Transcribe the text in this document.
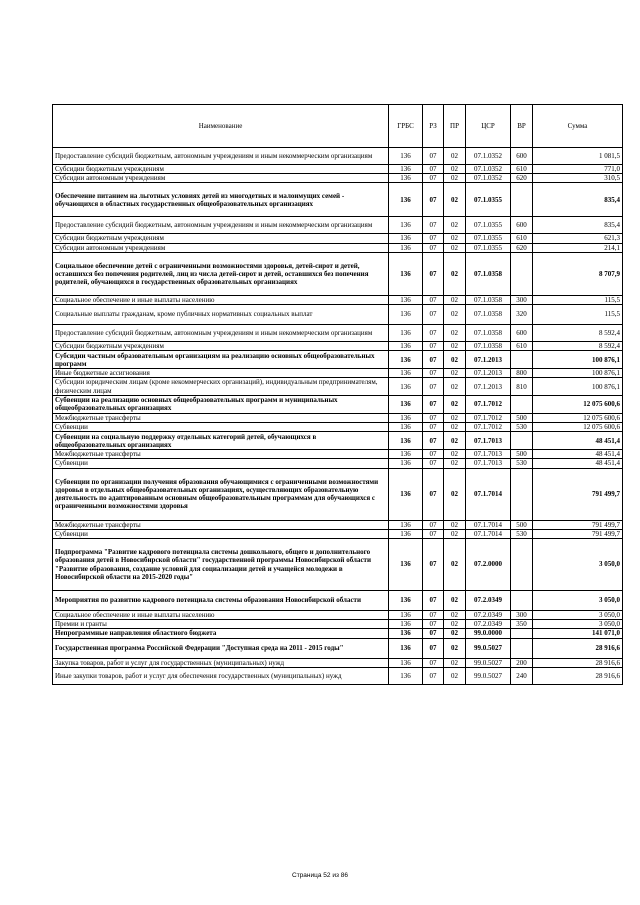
Наименование	ГРБС	РЗ	ПР	ЦСР	ВР	Сумма
Предоставление субсидий бюджетным, автономным учреждениям и иным некоммерческим организациям	136	07	02	07.1.0352	600	1 081,5
Субсидии бюджетным учреждениям	136	07	02	07.1.0352	610	771,0
Субсидии автономным учреждениям	136	07	02	07.1.0352	620	310,5
Обеспечение питанием на льготных условиях детей из многодетных и малоимущих семей - обучающихся в областных государственных общеобразовательных организациях	136	07	02	07.1.0355		835,4
Предоставление субсидий бюджетным, автономным учреждениям и иным некоммерческим организациям	136	07	02	07.1.0355	600	835,4
Субсидии бюджетным учреждениям	136	07	02	07.1.0355	610	621,3
Субсидии автономным учреждениям	136	07	02	07.1.0355	620	214,1
Социальное обеспечение детей с ограниченными возможностями здоровья, детей-сирот и детей, оставшихся без попечения родителей, лиц из числа детей-сирот и детей, оставшихся без попечения родителей, обучающихся в государственных образовательных организациях	136	07	02	07.1.0358		8 707,9
Социальное обеспечение и иные выплаты населению	136	07	02	07.1.0358	300	115,5
Социальные выплаты гражданам, кроме публичных нормативных социальных выплат	136	07	02	07.1.0358	320	115,5
Предоставление субсидий бюджетным, автономным учреждениям и иным некоммерческим организациям	136	07	02	07.1.0358	600	8 592,4
Субсидии бюджетным учреждениям	136	07	02	07.1.0358	610	8 592,4
Субсидии частным образовательным организациям на реализацию основных общеобразовательных программ	136	07	02	07.1.2013		100 876,1
Иные бюджетные ассигнования	136	07	02	07.1.2013	800	100 876,1
Субсидии юридическим лицам (кроме некоммерческих организаций), индивидуальным предпринимателям, физическим лицам	136	07	02	07.1.2013	810	100 876,1
Субвенции на реализацию основных общеобразовательных программ и муниципальных общеобразовательных организациях	136	07	02	07.1.7012		12 075 600,6
Межбюджетные трансферты	136	07	02	07.1.7012	500	12 075 600,6
Субвенции	136	07	02	07.1.7012	530	12 075 600,6
Субвенции на социальную поддержку отдельных категорий детей, обучающихся в общеобразовательных организациях	136	07	02	07.1.7013		48 451,4
Межбюджетные трансферты	136	07	02	07.1.7013	500	48 451,4
Субвенции	136	07	02	07.1.7013	530	48 451,4
Субвенции по организации получения образования обучающимися с ограниченными возможностями здоровья в отдельных общеобразовательных организациях, осуществляющих образовательную деятельность по адаптированным основным общеобразовательным программам для обучающихся с ограниченными возможностями здоровья	136	07	02	07.1.7014		791 499,7
Межбюджетные трансферты	136	07	02	07.1.7014	500	791 499,7
Субвенции	136	07	02	07.1.7014	530	791 499,7
Подпрограмма "Развитие кадрового потенциала системы дошкольного, общего и дополнительного образования детей в Новосибирской области" государственной программы Новосибирской области "Развитие образования, создание условий для социализации детей и учащейся молодежи в Новосибирской области на 2015-2020 годы"	136	07	02	07.2.0000		3 050,0
Мероприятия по развитию кадрового потенциала системы образования Новосибирской области	136	07	02	07.2.0349		3 050,0
Социальное обеспечение и иные выплаты населению	136	07	02	07.2.0349	300	3 050,0
Премии и гранты	136	07	02	07.2.0349	350	3 050,0
Непрограммные направления областного бюджета	136	07	02	99.0.0000		141 071,0
Государственная программа Российской Федерации "Доступная среда на 2011 - 2015 годы"	136	07	02	99.0.5027		28 916,6
Закупка товаров, работ и услуг для государственных (муниципальных) нужд	136	07	02	99.0.5027	200	28 916,6
Иные закупки товаров, работ и услуг для обеспечения государственных (муниципальных) нужд	136	07	02	99.0.5027	240	28 916,6
Страница 52 из 86
